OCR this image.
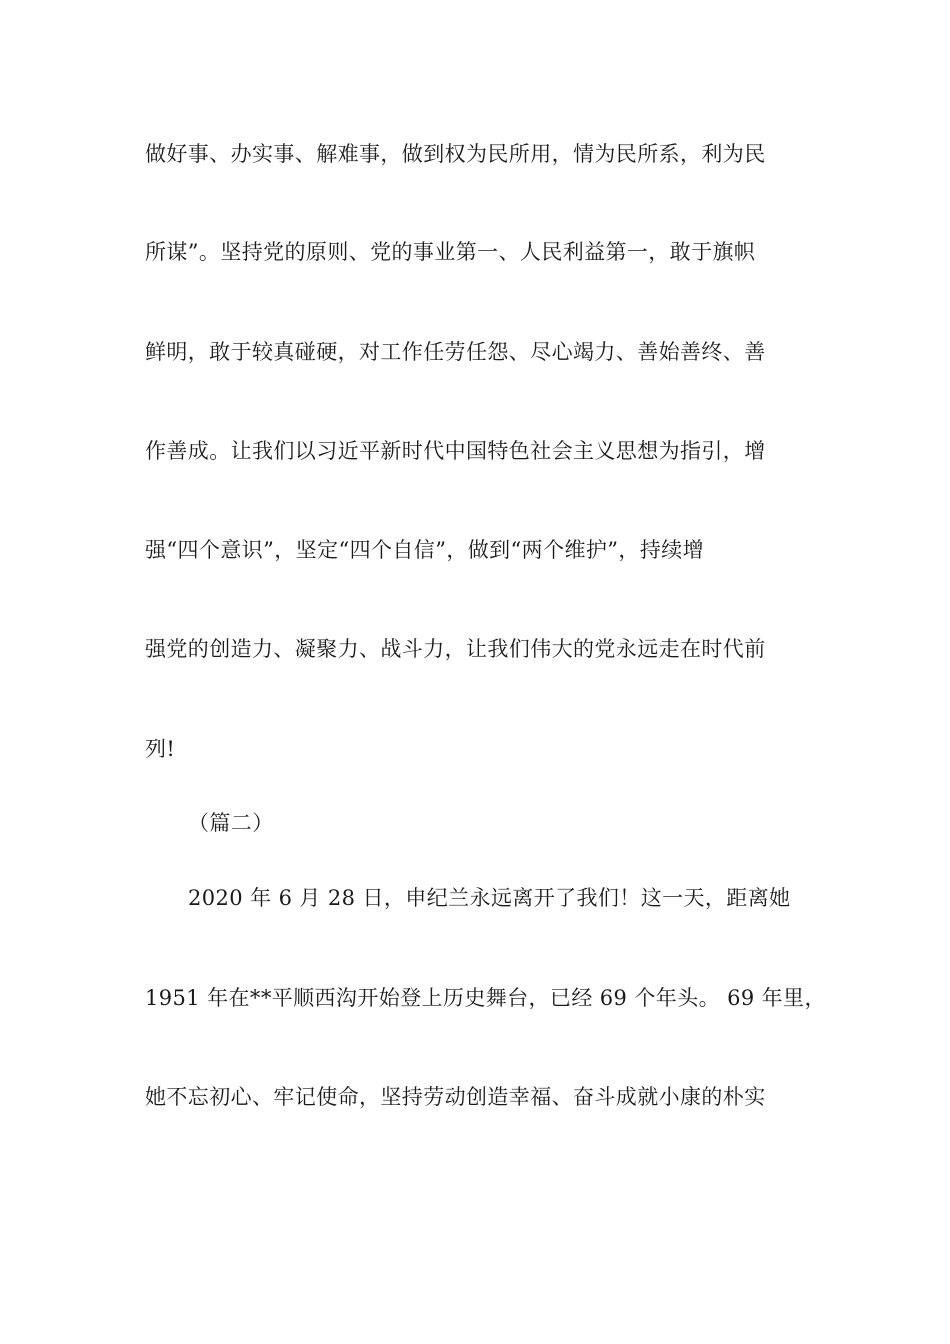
做好事、办实事、解难事，做到权为民所用，情为民所系，利为民
所谋”。坚持党的原则、党的事业第一、人民利益第一，敢于旗帜
鲜明，敢于较真碰硬，对工作任劳任怨、尽心竭力、善始善终、善
作善成。让我们以习近平新时代中国特色社会主义思想为指引，增
强“四个意识”，坚定“四个自信”，做到“两个维护”，持续增
强党的创造力、凝聚力、战斗力，让我们伟大的党永远走在时代前
列!
（篇二）
2020 年 6 月 28 日，申纪兰永远离开了我们！这一天，距离她
1951 年在**平顺西沟开始登上历史舞台，已经 69 个年头。 69 年里，
她不忘初心、牢记使命，坚持劳动创造幸福、奋斗成就小康的朴实
